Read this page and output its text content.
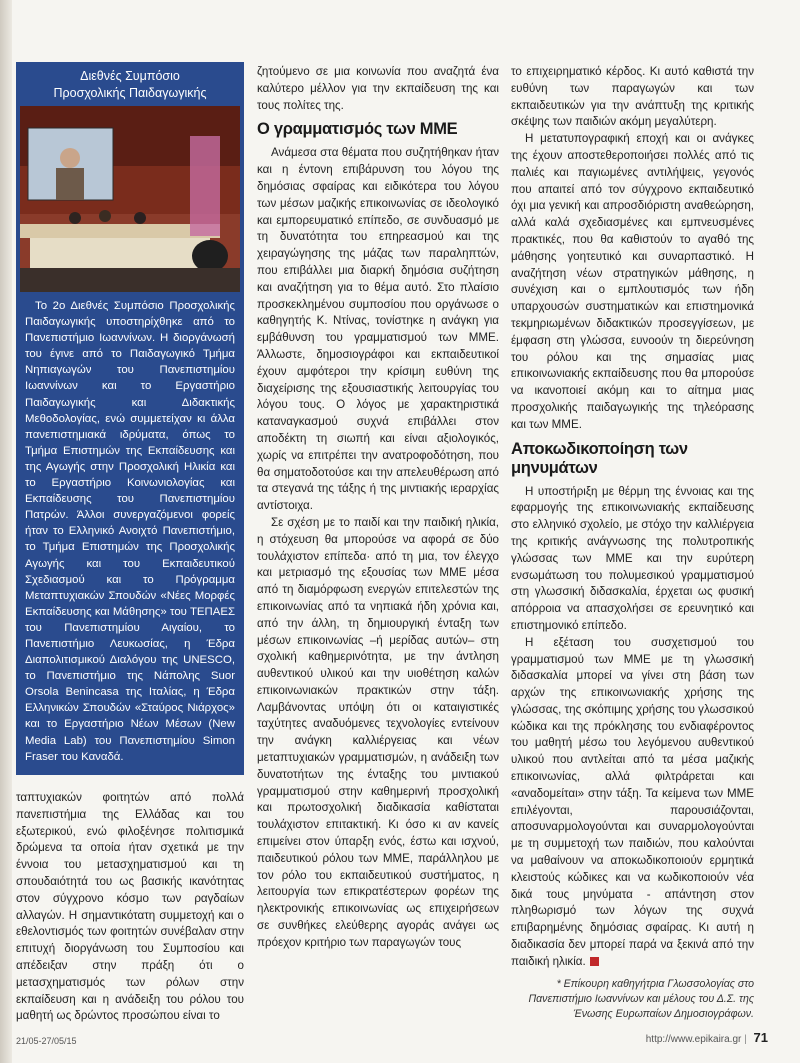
Διεθνές Συμπόσιο
Προσχολικής Παιδαγωγικής
Το 2ο Διεθνές Συμπόσιο Προσχολικής Παιδαγωγικής υποστηρίχθηκε από το Πανεπιστήμιο Ιωαννίνων. Η διοργάνωσή του έγινε από το Παιδαγωγικό Τμήμα Νηπιαγωγών του Πανεπιστημίου Ιωαννίνων και το Εργαστήριο Παιδαγωγικής και Διδακτικής Μεθοδολογίας, ενώ συμμετείχαν κι άλλα πανεπιστημιακά ιδρύματα, όπως το Τμήμα Επιστημών της Εκπαίδευσης και της Αγωγής στην Προσχολική Ηλικία και το Εργαστήριο Κοινωνιολογίας και Εκπαίδευσης του Πανεπιστημίου Πατρών. Άλλοι συνεργαζόμενοι φορείς ήταν το Ελληνικό Ανοιχτό Πανεπιστήμιο, το Τμήμα Επιστημών της Προσχολικής Αγωγής και του Εκπαιδευτικού Σχεδιασμού και το Πρόγραμμα Μεταπτυχιακών Σπουδών «Νέες Μορφές Εκπαίδευσης και Μάθησης» του ΤΕΠΑΕΣ του Πανεπιστημίου Αιγαίου, το Πανεπιστήμιο Λευκωσίας, η Έδρα Διαπολιτισμικού Διαλόγου της UNESCO, το Πανεπιστήμιο της Νάπολης Suor Orsola Benincasa της Ιταλίας, η Έδρα Ελληνικών Σπουδών «Σταύρος Νιάρχος» και το Εργαστήριο Νέων Μέσων (New Media Lab) του Πανεπιστημίου Simon Fraser του Καναδά.

ταπτυχιακών φοιτητών από πολλά πανεπιστήμια της Ελλάδας και του εξωτερικού, ενώ φιλοξένησε πολιτισμικά δρώμενα τα οποία ήταν σχετικά με την έννοια του μετασχηματισμού και τη σπουδαιότητά του ως βασικής ικανότητας στον σύγχρονο κόσμο των ραγδαίων αλλαγών. Η σημαντικότατη συμμετοχή και ο εθελοντισμός των φοιτητών συνέβαλαν στην επιτυχή διοργάνωση του Συμποσίου και απέδειξαν στην πράξη ότι ο μετασχηματισμός των ρόλων στην εκπαίδευση και η ανάδειξη του ρόλου του μαθητή ως δρώντος προσώπου είναι το

ζητούμενο σε μια κοινωνία που αναζητά ένα καλύτερο μέλλον για την εκπαίδευση της και τους πολίτες της.

Ο γραμματισμός των ΜΜΕ

Ανάμεσα στα θέματα που συζητήθηκαν ήταν και η έντονη επιβάρυνση του λόγου της δημόσιας σφαίρας και ειδικότερα του λόγου των μέσων μαζικής επικοινωνίας σε ιδεολογικό και εμπορευματικό επίπεδο, σε συνδυασμό με τη δυνατότητα του επηρεασμού και της χειραγώγησης της μάζας των παραληπτών, που επιβάλλει μια διαρκή δημόσια συζήτηση και αναζήτηση για το θέμα αυτό. Στο πλαίσιο προσκεκλημένου συμποσίου που οργάνωσε ο καθηγητής Κ. Ντίνας, τονίστηκε η ανάγκη για εμβάθυνση του γραμματισμού των ΜΜΕ. Άλλωστε, δημοσιογράφοι και εκπαιδευτικοί έχουν αμφότεροι την κρίσιμη ευθύνη της διαχείρισης της εξουσιαστικής λειτουργίας του λόγου τους. Ο λόγος με χαρακτηριστικά καταναγκασμού συχνά επιβάλλει στον αποδέκτη τη σιωπή και είναι αξιολογικός, χωρίς να επιτρέπει την ανατροφοδότηση, που θα σηματοδοτούσε και την απελευθέρωση από τα στεγανά της τάξης ή της μιντιακής ιεραρχίας αντίστοιχα.

Σε σχέση με το παιδί και την παιδική ηλικία, η στόχευση θα μπορούσε να αφορά σε δύο τουλάχιστον επίπεδα· από τη μια, τον έλεγχο και μετριασμό της εξουσίας των ΜΜΕ μέσα από τη διαμόρφωση ενεργών επιτελεστών της επικοινωνίας από τα νηπιακά ήδη χρόνια και, από την άλλη, τη δημιουργική ένταξη των μέσων επικοινωνίας –ή μερίδας αυτών– στη σχολική καθημερινότητα, με την άντληση αυθεντικού υλικού και την υιοθέτηση καλών επικοινωνιακών πρακτικών στην τάξη. Λαμβάνοντας υπόψη ότι οι καταιγιστικές ταχύτητες αναδυόμενες τεχνολογίες εντείνουν την ανάγκη καλλιέργειας και νέων μεταπτυχιακών γραμματισμών, η ανάδειξη των δυνατοτήτων της ένταξης του μιντιακού γραμματισμού στην καθημερινή προσχολική και πρωτοσχολική διαδικασία καθίσταται τουλάχιστον επιτακτική. Κι όσο κι αν κανείς επιμείνει στον ύπαρξη ενός, έστω και ισχνού, παιδευτικού ρόλου των ΜΜΕ, παράλληλου με τον ρόλο του εκπαιδευτικού συστήματος, η λειτουργία των επικρατέστερων φορέων της ηλεκτρονικής επικοινωνίας ως επιχειρήσεων σε συνθήκες ελεύθερης αγοράς ανάγει ως πρόεχον κριτήριο των παραγωγών τους

το επιχειρηματικό κέρδος. Κι αυτό καθιστά την ευθύνη των παραγωγών και των εκπαιδευτικών για την ανάπτυξη της κριτικής σκέψης των παιδιών ακόμη μεγαλύτερη.

Η μετατυπογραφική εποχή και οι ανάγκες της έχουν αποστεθεροποιήσει πολλές από τις παλιές και παγιωμένες αντιλήψεις, γεγονός που απαιτεί από τον σύγχρονο εκπαιδευτικό όχι μια γενική και απροσδιόριστη αναθεώρηση, αλλά καλά σχεδιασμένες και εμπνευσμένες πρακτικές, που θα καθιστούν το αγαθό της μάθησης γοητευτικό και συναρπαστικό. Η αναζήτηση νέων στρατηγικών μάθησης, η συνέχιση και ο εμπλουτισμός των ήδη υπαρχουσών συστηματικών και επιστημονικά τεκμηριωμένων διδακτικών προσεγγίσεων, με έμφαση στη γλώσσα, ευνοούν τη διερεύνηση του ρόλου και της σημασίας μιας επικοινωνιακής εκπαίδευσης που θα μπορούσε να ικανοποιεί ακόμη και το αίτημα μιας προσχολικής παιδαγωγικής της τηλεόρασης και των ΜΜΕ.

Αποκωδικοποίηση των μηνυμάτων

Η υποστήριξη με θέρμη της έννοιας και της εφαρμογής της επικοινωνιακής εκπαίδευσης στο ελληνικό σχολείο, με στόχο την καλλιέργεια της κριτικής ανάγνωσης της πολυτροπικής γλώσσας των ΜΜΕ και την ευρύτερη ενσωμάτωση του πολυμεσικού γραμματισμού στη γλωσσική διδασκαλία, έρχεται ως φυσική απόρροια να απασχολήσει σε ερευνητικό και επιστημονικό επίπεδο.

Η εξέταση του συσχετισμού του γραμματισμού των ΜΜΕ με τη γλωσσική διδασκαλία μπορεί να γίνει στη βάση των αρχών της επικοινωνιακής χρήσης της γλώσσας, της σκόπιμης χρήσης του γλωσσικού κώδικα και της πρόκλησης του ενδιαφέροντος του μαθητή μέσω του λεγόμενου αυθεντικού υλικού που αντλείται από τα μέσα μαζικής επικοινωνίας, αλλά φιλτράρεται και «αναδομείται» στην τάξη. Τα κείμενα των ΜΜΕ επιλέγονται, παρουσιάζονται, αποσυναρμολογούνται και συναρμολογούνται με τη συμμετοχή των παιδιών, που καλούνται να μαθαίνουν να αποκωδικοποιούν ερμητικά κλειστούς κώδικες και να κωδικοποιούν νέα δικά τους μηνύματα - απάντηση στον πληθωρισμό των λόγων της συχνά επιβαρημένης δημόσιας σφαίρας. Κι αυτή η διαδικασία δεν μπορεί παρά να ξεκινά από την παιδική ηλικία.

* Επίκουρη καθηγήτρια Γλωσσολογίας στο Πανεπιστήμιο Ιωαννίνων και μέλους του Δ.Σ. της Ένωσης Ευρωπαίων Δημοσιογράφων.
21/05-27/05/15	http://www.epikaira.gr | 71
